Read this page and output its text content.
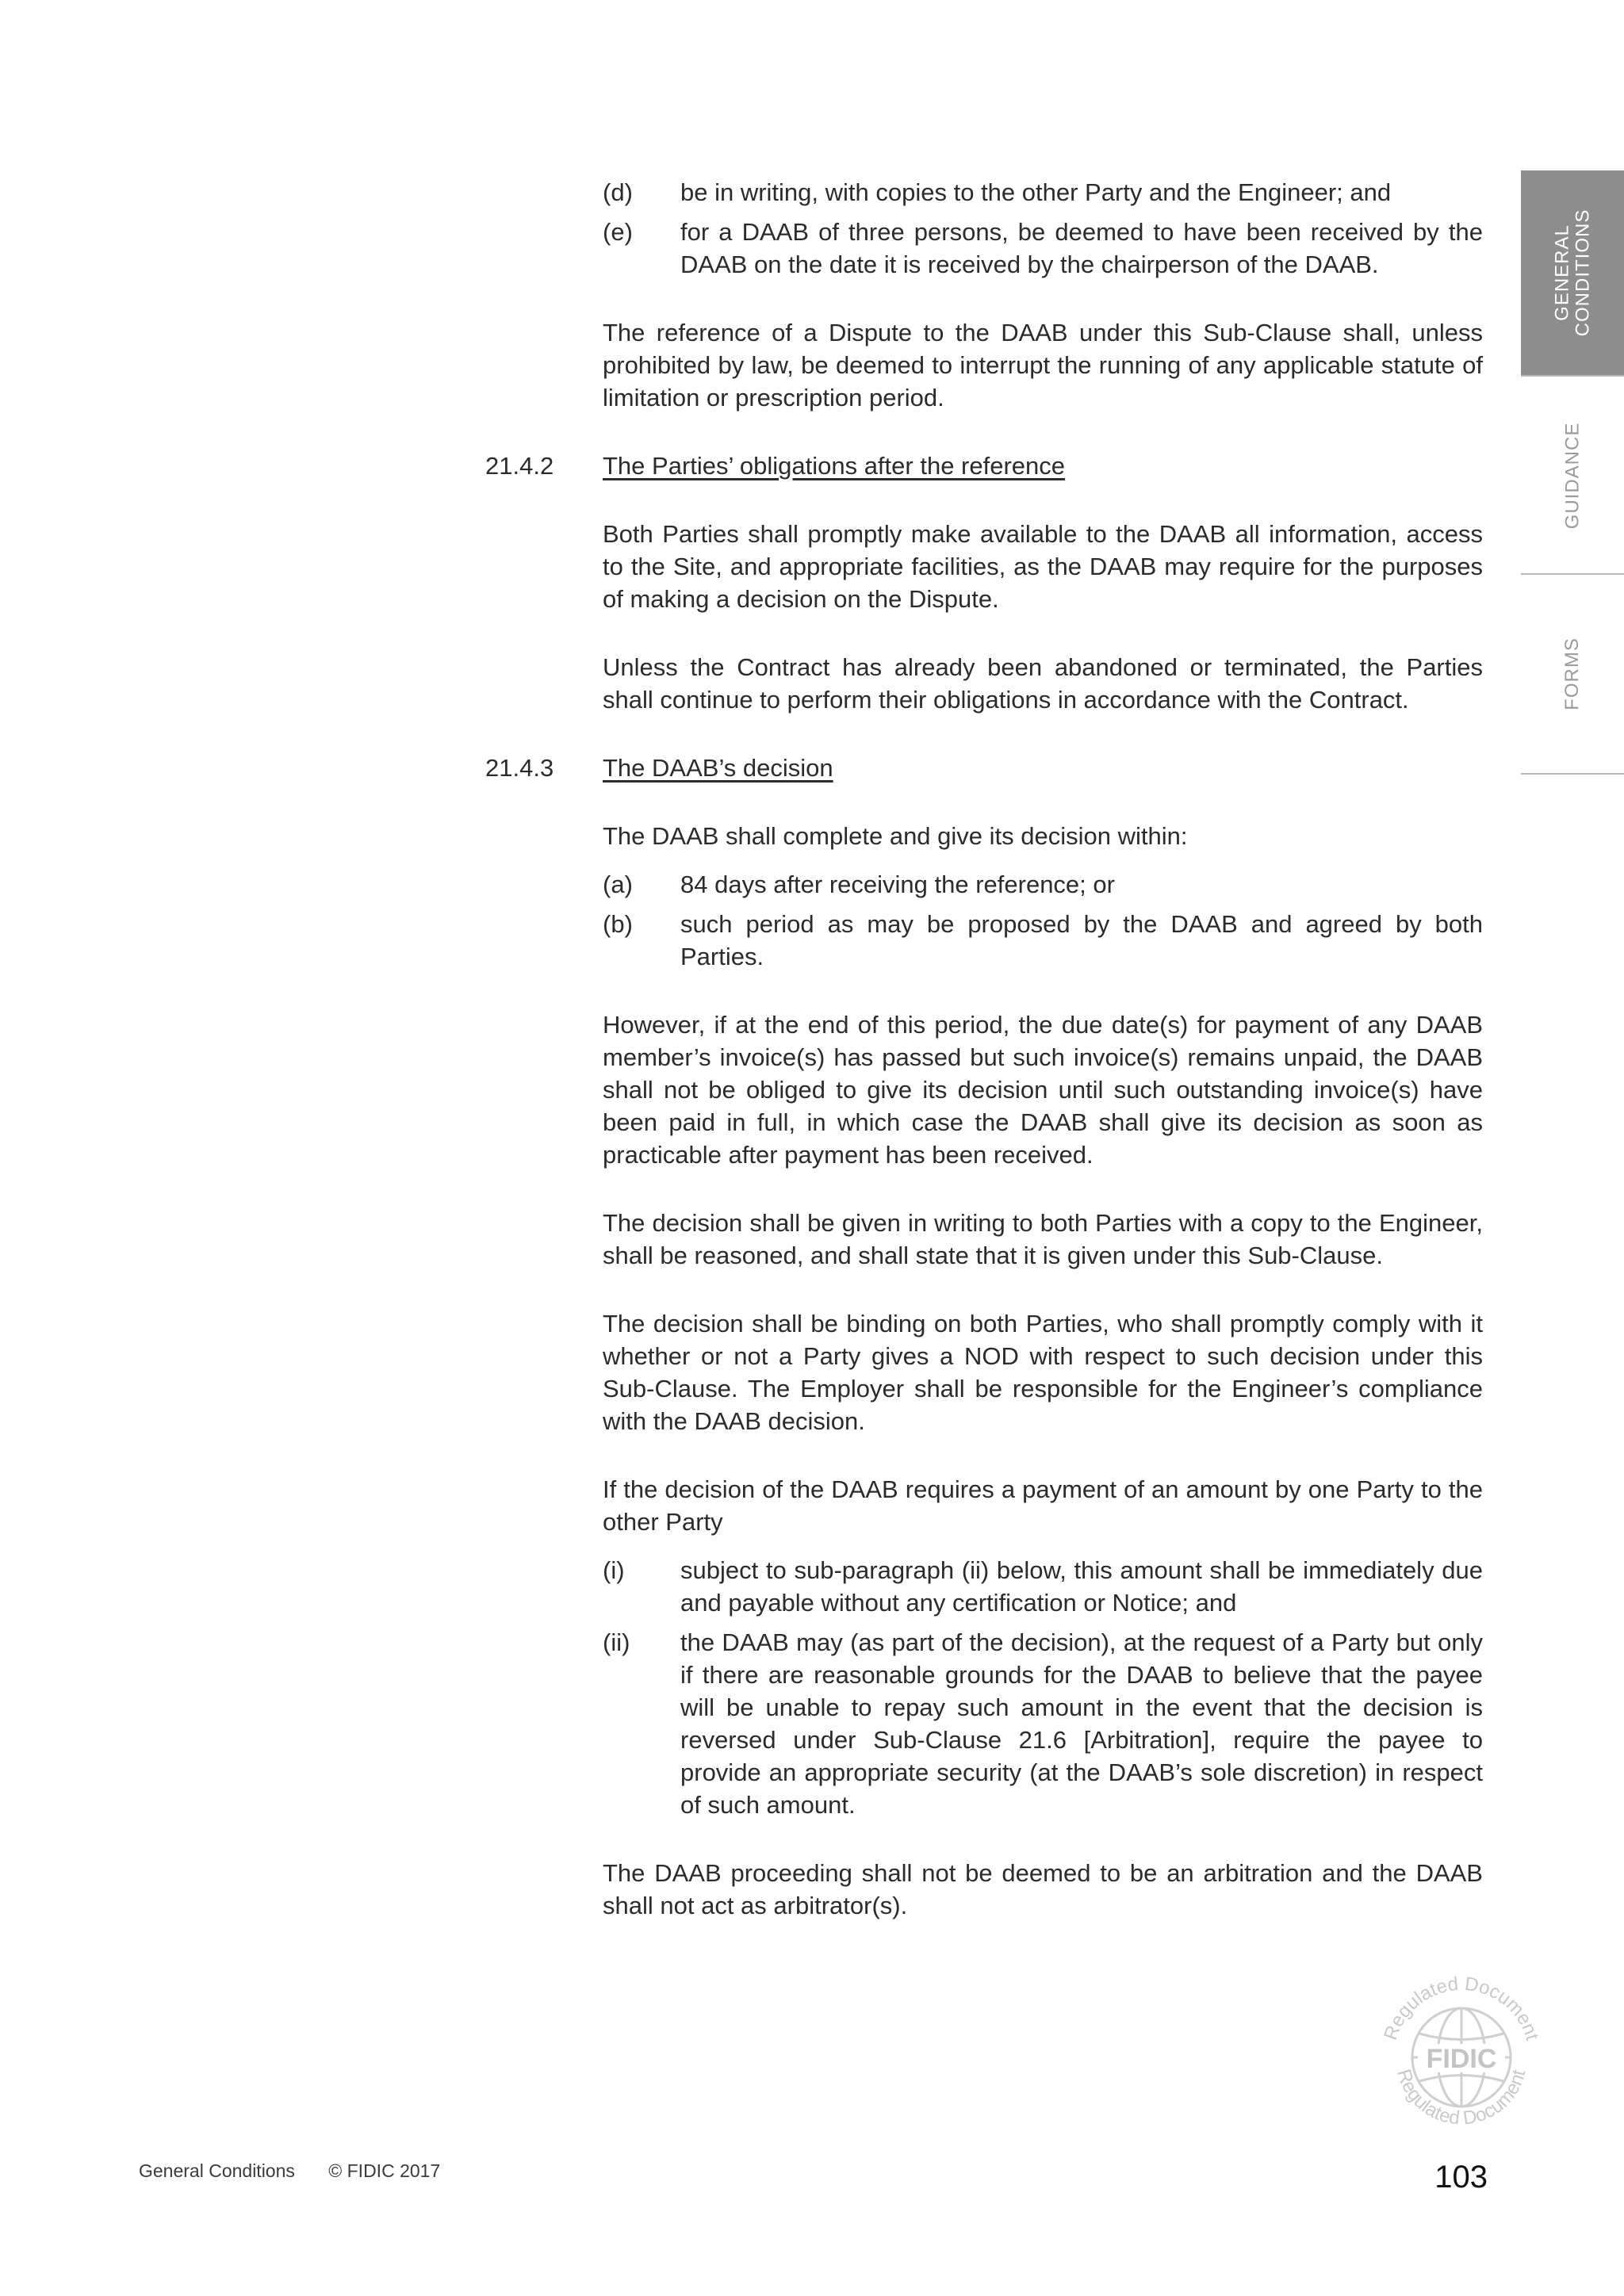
GENERAL CONDITIONS
GUIDANCE
FORMS
(d)	be in writing, with copies to the other Party and the Engineer; and
(e)	for a DAAB of three persons, be deemed to have been received by the DAAB on the date it is received by the chairperson of the DAAB.

The reference of a Dispute to the DAAB under this Sub-Clause shall, unless prohibited by law, be deemed to interrupt the running of any applicable statute of limitation or prescription period.

21.4.2 The Parties’ obligations after the reference

Both Parties shall promptly make available to the DAAB all information, access to the Site, and appropriate facilities, as the DAAB may require for the purposes of making a decision on the Dispute.

Unless the Contract has already been abandoned or terminated, the Parties shall continue to perform their obligations in accordance with the Contract.

21.4.3 The DAAB’s decision

The DAAB shall complete and give its decision within:

(a)	84 days after receiving the reference; or
(b)	such period as may be proposed by the DAAB and agreed by both Parties.

However, if at the end of this period, the due date(s) for payment of any DAAB member’s invoice(s) has passed but such invoice(s) remains unpaid, the DAAB shall not be obliged to give its decision until such outstanding invoice(s) have been paid in full, in which case the DAAB shall give its decision as soon as practicable after payment has been received.

The decision shall be given in writing to both Parties with a copy to the Engineer, shall be reasoned, and shall state that it is given under this Sub-Clause.

The decision shall be binding on both Parties, who shall promptly comply with it whether or not a Party gives a NOD with respect to such decision under this Sub-Clause. The Employer shall be responsible for the Engineer’s compliance with the DAAB decision.

If the decision of the DAAB requires a payment of an amount by one Party to the other Party

(i)	subject to sub-paragraph (ii) below, this amount shall be immediately due and payable without any certification or Notice; and
(ii)	the DAAB may (as part of the decision), at the request of a Party but only if there are reasonable grounds for the DAAB to believe that the payee will be unable to repay such amount in the event that the decision is reversed under Sub-Clause 21.6 [Arbitration], require the payee to provide an appropriate security (at the DAAB’s sole discretion) in respect of such amount.

The DAAB proceeding shall not be deemed to be an arbitration and the DAAB shall not act as arbitrator(s).

Regulated Document
FIDIC
Regulated Document
General Conditions © FIDIC 2017	103
